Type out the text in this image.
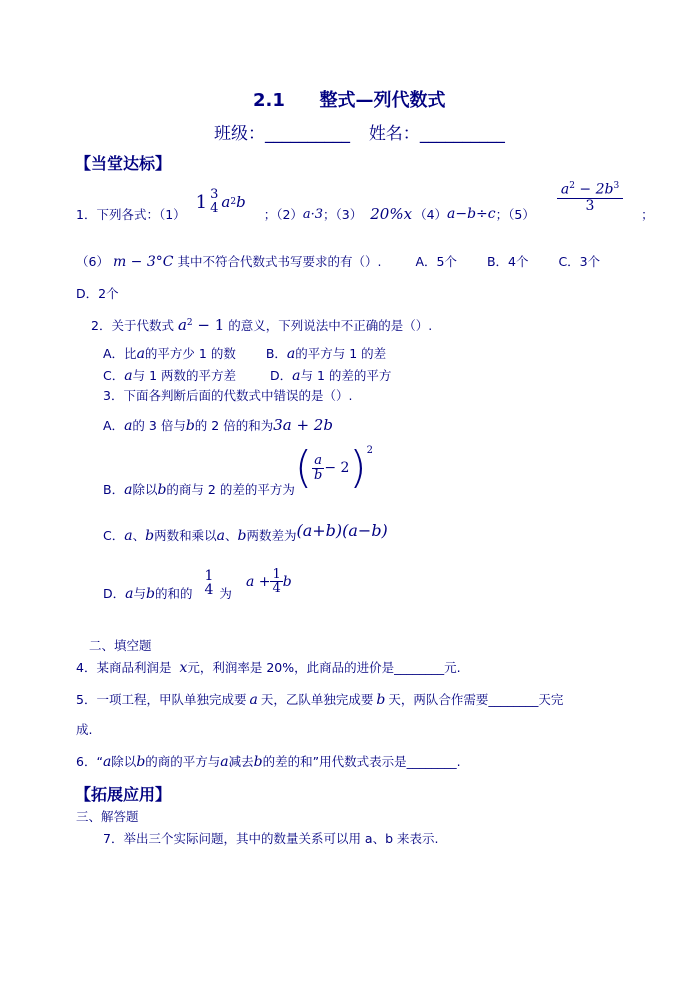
2.1 整式—列代数式
班级：__________ 姓名：__________
【当堂达标】
1．下列各式：（1）
1 3
4 a 2 b
；（2） a·3 ；（3） 20%x （4） a−b÷c ；（5）
$\frac{a^2 - 2b^3}{3}$
；
（6） m − 3°C 其中不符合代数式书写要求的有（）.	A．5个 B．4个 C．3个
D．2个
2．关于代数式 $a^2 - 1$ 的意义，下列说法中不正确的是（）.
A．比a的平方少 1 的数 B．a的平方与 1 的差
C．a与 1 两数的平方差	D．a与 1 的差的平方
3．下面各判断后面的代数式中错误的是（）.
A．a的 3 倍与b的 2 倍的和为3a + 2b
B．a除以b的商与 2 的差的平方为 ( $\frac{a}{b} - 2$ )$^2$
C．a、b两数和乘以a、b两数差为 (a+b)(a−b)
D．a与b的和的
1
4 为
$a + \frac{1}{4}$ b
二、填空题
4．某商品利润是 x元，利润率是 20%，此商品的进价是________元.
5．一项工程，甲队单独完成要 a 天，乙队单独完成要 b 天，两队合作需要________天完
成.
6．“a除以b的商的平方与a减去b的差的和”用代数式表示是________.
【拓展应用】
三、解答题
7．举出三个实际问题，其中的数量关系可以用 a、b 来表示.
